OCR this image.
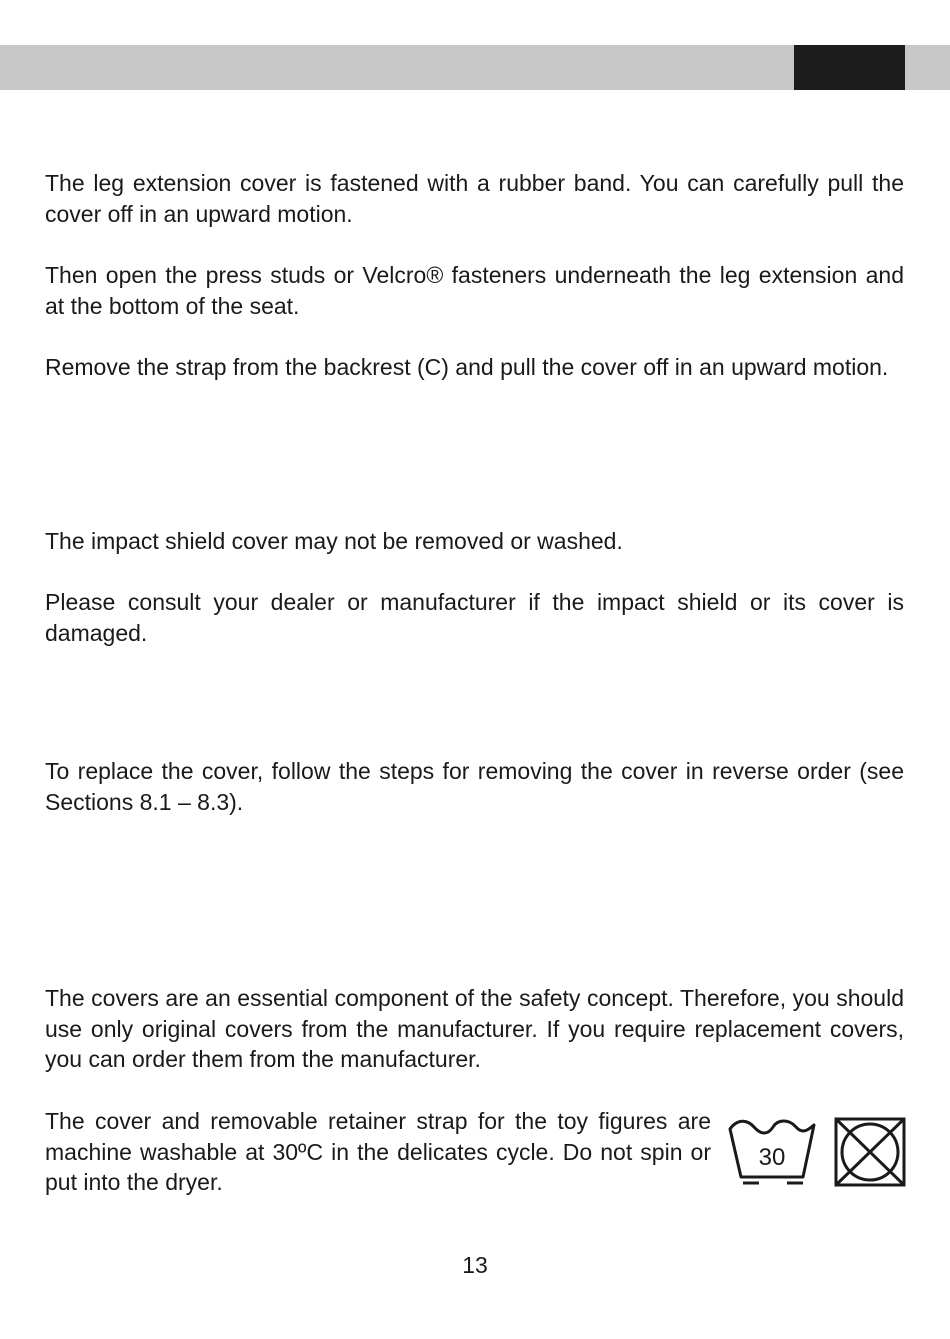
The leg extension cover is fastened with a rubber band. You can carefully pull the cover off in an upward motion.

Then open the press studs or Velcro® fasteners underneath the leg extension and at the bottom of the seat.

Remove the strap from the backrest (C) and pull the cover off in an upward motion.

The impact shield cover may not be removed or washed.

Please consult your dealer or manufacturer if the impact shield or its cover is damaged.

To replace the cover, follow the steps for removing the cover in reverse order (see Sections 8.1 – 8.3).

The covers are an essential component of the safety concept. Therefore, you should use only original covers from the manufacturer. If you require replacement covers, you can order them from the manufacturer.

The cover and removable retainer strap for the toy figures are machine washable at 30ºC in the delicates cycle. Do not spin or put into the dryer.

30

13
